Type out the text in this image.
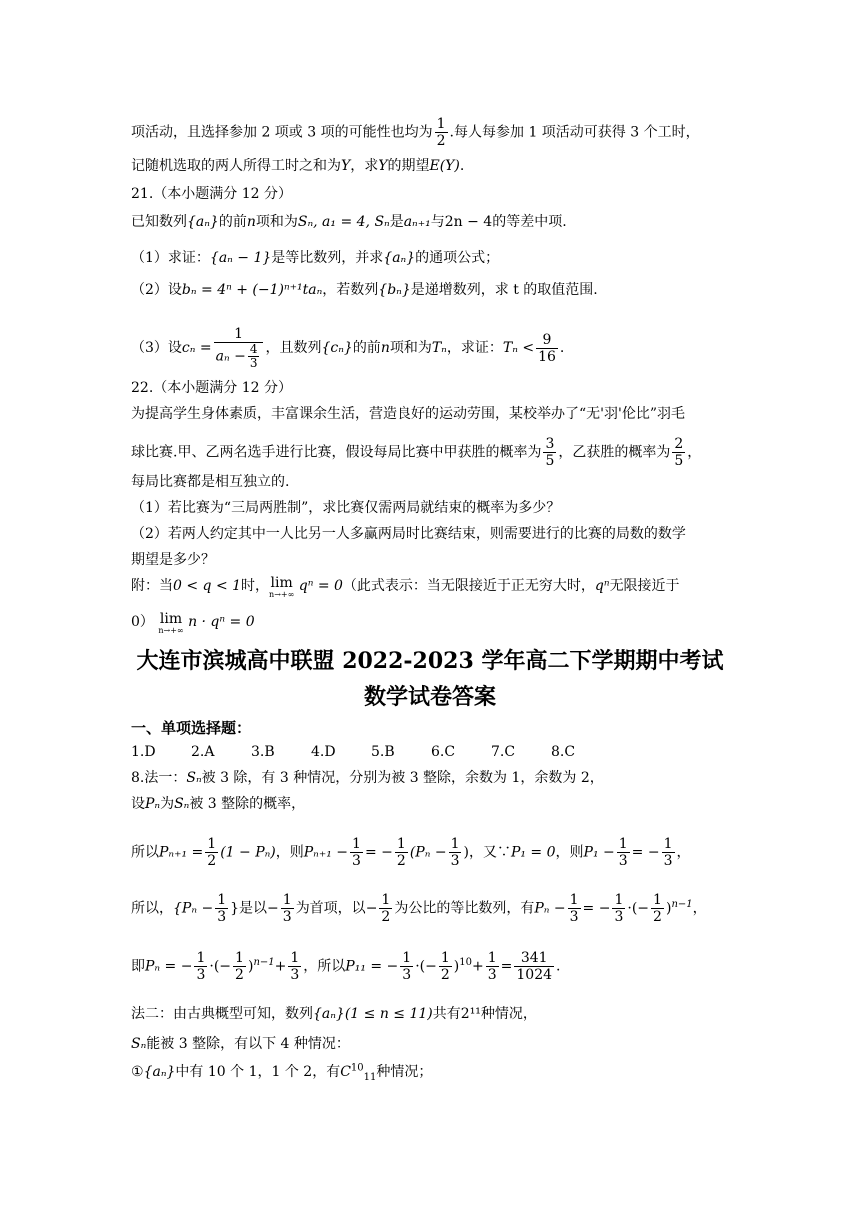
项活动，且选择参加 2 项或 3 项的可能性也均为 $\frac{1}{2}$ .每人每参加 1 项活动可获得 3 个工时，
记随机选取的两人所得工时之和为Y，求Y的期望E(Y).
21.（本小题满分 12 分）
已知数列{aₙ}的前n项和为Sₙ, a₁ = 4, Sₙ是aₙ₊₁与2n − 4的等差中项.
（1）求证：{aₙ − 1}是等比数列，并求{aₙ}的通项公式；
（2）设bₙ = 4ⁿ + (−1)ⁿ⁺¹taₙ，若数列{bₙ}是递增数列，求 t 的取值范围.
（3）设$c_n = \frac{1}{a_n - \frac{4}{3}}$ ，且数列{cₙ}的前n项和为Tₙ，求证：$T_n < \frac{9}{16}$ .
22.（本小题满分 12 分）
为提高学生身体素质，丰富课余生活，营造良好的运动劳围，某校举办了“无'羽'伦比”羽毛
球比赛.甲、乙两名选手进行比赛，假设每局比赛中甲获胜的概率为 $\frac{3}{5}$ ，乙获胜的概率为 $\frac{2}{5}$ ，
每局比赛都是相互独立的.
（1）若比赛为“三局两胜制”，求比赛仅需两局就结束的概率为多少？
（2）若两人约定其中一人比另一人多赢两局时比赛结束，则需要进行的比赛的局数的数学
期望是多少？
附：当0 < q < 1时， lim
n→+∞
qⁿ = 0（此式表示：当无限接近于正无穷大时，qⁿ无限接近于
0） lim
n→+∞
n · qⁿ = 0
大连市滨城高中联盟 2022-2023 学年高二下学期期中考试
数学试卷答案
一、单项选择题：
1.D	2.A	3.B	4.D	5.B	6.C	7.C	8.C
8.法一：Sₙ被 3 除，有 3 种情况，分别为被 3 整除，余数为 1，余数为 2，
设Pₙ为Sₙ被 3 整除的概率，
所以$P_{n+1} = \frac{1}{2} (1 - P_n)$，则$P_{n+1} - \frac{1}{3}$ = − $\frac{1}{2} (P_n - \frac{1}{3}$ )，又∵P₁ = 0，则$P_1 - \frac{1}{3}$ = − $\frac{1}{3}$ ，
所以，{$P_n - \frac{1}{3}$ }是以− $\frac{1}{3}$ 为首项，以− $\frac{1}{2}$ 为公比的等比数列，有$P_n - \frac{1}{3}$ = − $\frac{1}{3}$ ·(− $\frac{1}{2} )^{n-1}$，
即Pₙ = − $\frac{1}{3}$ ·(− $\frac{1}{2} )^{n-1}+ \frac{1}{3}$ ，所以P₁₁ = − $\frac{1}{3}$ ·(− $\frac{1}{2} )^{10}+ \frac{1}{3} = \frac{341}{1024}$ .
法二：由古典概型可知，数列{aₙ}(1 ≤ n ≤ 11)共有2¹¹种情况，
Sₙ能被 3 整除，有以下 4 种情况：
①{aₙ}中有 10 个 1，1 个 2，有$C^{10}_{11}$种情况；
